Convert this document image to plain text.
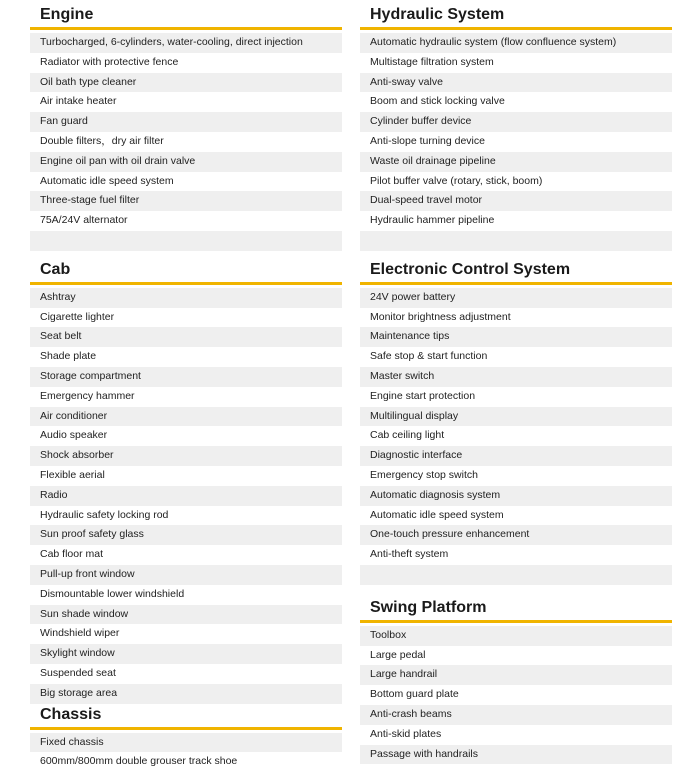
Engine
Turbocharged, 6-cylinders, water-cooling, direct injection
Radiator with protective fence
Oil bath type cleaner
Air intake heater
Fan guard
Double filters，dry air filter
Engine oil pan with oil drain valve
Automatic idle speed system
Three-stage fuel filter
75A/24V alternator
Cab
Ashtray
Cigarette lighter
Seat belt
Shade plate
Storage compartment
Emergency hammer
Air conditioner
Audio speaker
Shock absorber
Flexible aerial
Radio
Hydraulic safety locking rod
Sun proof safety glass
Cab floor mat
Pull-up front window
Dismountable lower windshield
Sun shade window
Windshield wiper
Skylight window
Suspended seat
Big storage area
Chassis
Fixed chassis
600mm/800mm double grouser track shoe
Hydraulic System
Automatic hydraulic system (flow confluence system)
Multistage filtration system
Anti-sway valve
Boom and stick locking valve
Cylinder buffer device
Anti-slope turning device
Waste oil drainage pipeline
Pilot buffer valve (rotary, stick, boom)
Dual-speed travel motor
Hydraulic hammer pipeline
Electronic Control System
24V power battery
Monitor brightness adjustment
Maintenance tips
Safe stop & start function
Master switch
Engine start protection
Multilingual display
Cab ceiling light
Diagnostic interface
Emergency stop switch
Automatic diagnosis system
Automatic idle speed system
One-touch pressure enhancement
Anti-theft system
Swing Platform
Toolbox
Large pedal
Large handrail
Bottom guard plate
Anti-crash beams
Anti-skid plates
Passage with handrails
